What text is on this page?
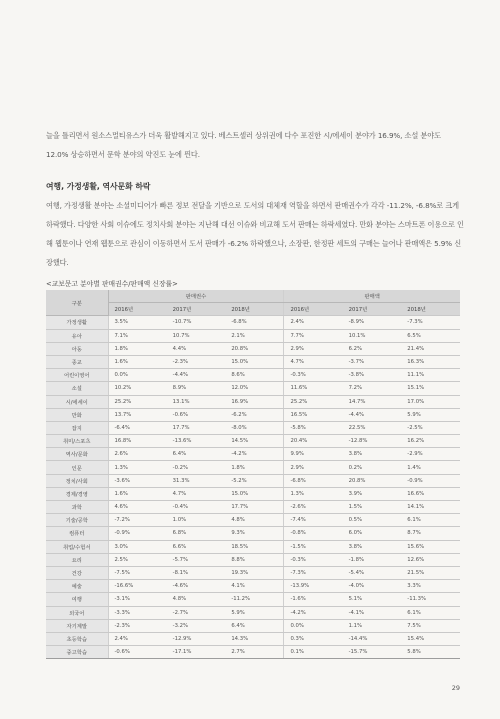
늘을 틀리면서 원소스멀티유스가 더욱 활발해지고 있다. 베스트셀러 상위권에 다수 포진한 시/에세이 분야가 16.9%, 소설 분야도 12.0% 상승하면서 문학 분야의 약진도 눈에 띈다.

여행, 가정생활, 역사문화 하락

여행, 가정생활 분야는 소셜미디어가 빠른 정보 전달을 기반으로 도서의 대체재 역할을 하면서 판매권수가 각각 -11.2%, -6.8%로 크게 하락했다. 다양한 사회 이슈에도 정치사회 분야는 지난해 대선 이슈와 비교해 도서 판매는 하락세였다. 만화 분야는 스마트폰 이용으로 인해 웹툰이나 연재 웹툰으로 관심이 이동하면서 도서 판매가 -6.2% 하락했으나, 소장판, 한정판 세트의 구매는 늘어나 판매액은 5.9% 신장했다.

<교보문고 분야별 판매권수/판매액 신장률>

구분	판매권수			판매액		
	2016년	2017년	2018년	2016년	2017년	2018년
가정생활	3.5%	-10.7%	-6.8%	2.4%	-8.9%	-7.3%
유아	7.1%	10.7%	2.1%	7.7%	10.1%	6.5%
아동	1.8%	4.4%	20.8%	2.9%	6.2%	21.4%
종교	1.6%	-2.3%	15.0%	4.7%	-3.7%	16.3%
어린이영어	0.0%	-4.4%	8.6%	-0.3%	-3.8%	11.1%
소설	10.2%	8.9%	12.0%	11.6%	7.2%	15.1%
시/에세이	25.2%	13.1%	16.9%	25.2%	14.7%	17.0%
만화	13.7%	-0.6%	-6.2%	16.5%	-4.4%	5.9%
잡지	-6.4%	17.7%	-8.0%	-5.8%	22.5%	-2.5%
취미/스포츠	16.8%	-13.6%	14.5%	20.4%	-12.8%	16.2%
역사/문화	2.6%	6.4%	-4.2%	9.9%	3.8%	-2.9%
인문	1.3%	-0.2%	1.8%	2.9%	0.2%	1.4%
정치/사회	-3.6%	31.3%	-5.2%	-6.8%	20.8%	-0.9%
경제/경영	1.6%	4.7%	15.0%	1.3%	3.9%	16.6%
과학	4.6%	-0.4%	17.7%	-2.6%	1.5%	14.1%
기술/공학	-7.2%	1.0%	4.8%	-7.4%	0.5%	6.1%
컴퓨터	-0.9%	6.8%	9.3%	-0.8%	6.0%	8.7%
취업/수험서	3.0%	6.6%	18.5%	-1.5%	3.8%	15.6%
요리	2.5%	-5.7%	8.8%	-0.3%	-1.8%	12.6%
건강	-7.5%	-8.1%	19.3%	-7.3%	-5.4%	21.5%
예술	-16.6%	-4.6%	4.1%	-13.9%	-4.0%	3.3%
여행	-3.1%	4.8%	-11.2%	-1.6%	5.1%	-11.3%
외국어	-3.3%	-2.7%	5.9%	-4.2%	-4.1%	6.1%
자기계발	-2.3%	-3.2%	6.4%	0.0%	1.1%	7.5%
초등학습	2.4%	-12.9%	14.3%	0.3%	-14.4%	15.4%
중고학습	-0.6%	-17.1%	2.7%	0.1%	-15.7%	5.8%

29
